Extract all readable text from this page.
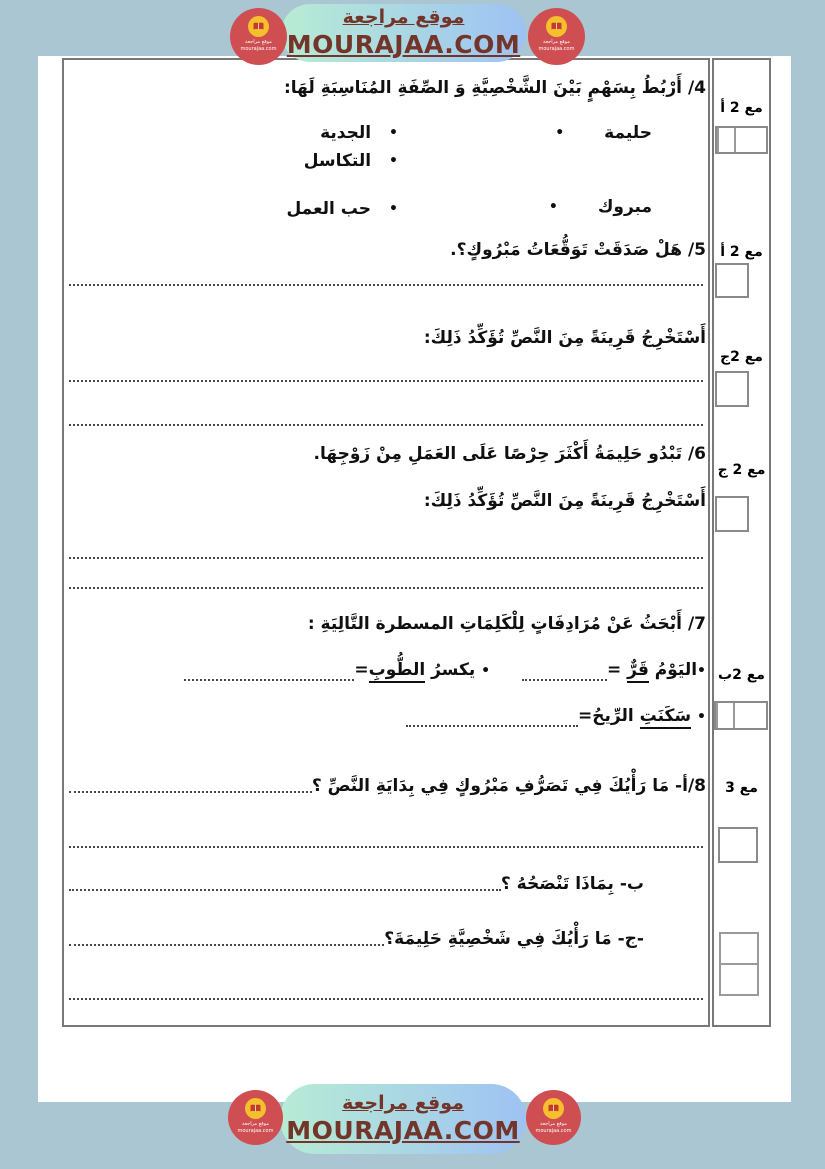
موقع مراجعة
MOURAJAA.COM
موقع مراجعة
mourajaa.com
موقع مراجعة
mourajaa.com
4/ أَرْبُطُ بِسَهْمٍ بَيْنَ الشَّخْصِيَّةِ وَ الصِّفَةِ المُنَاسِبَةِ لَهَا:
حليمة
•
•
الجدية
•
التكاسل
مبروك
•
•
حب العمل
5/ هَلْ صَدَقَتْ تَوَقُّعَاتُ مَبْرُوكٍ؟.
أَسْتَخْرِجُ قَرِينَةً مِنَ النَّصِّ تُؤَكِّدُ ذَلِكَ:
6/ تَبْدُو حَلِيمَةُ أَكْثَرَ حِرْصًا عَلَى العَمَلِ مِنْ زَوْجِهَا.
أَسْتَخْرِجُ قَرِينَةً مِنَ النَّصِّ تُؤَكِّدُ ذَلِكَ:
7/ أَبْحَثُ عَنْ مُرَادِفَاتٍ لِلْكَلِمَاتِ المسطرة التَّالِيَةِ :
•اليَوْمُ قَرٌّ =  • يكسرُ الطُّوبِ=
• سَكَنَتِ الرِّيحُ=
8/
أ- مَا رَأْيُكَ فِي تَصَرُّفِ مَبْرُوكٍ فِي بِدَايَةِ النَّصِّ ؟
ب- بِمَاذَا تَنْصَحُهُ ؟
-ج- مَا رَأْيُكَ فِي شَخْصِيَّةِ حَلِيمَةَ؟
مع 2 أ
مع 2 أ
مع 2ج
مع 2 ج
مع 2ب
مع 3
موقع مراجعة
MOURAJAA.COM
موقع مراجعة
mourajaa.com
موقع مراجعة
mourajaa.com
